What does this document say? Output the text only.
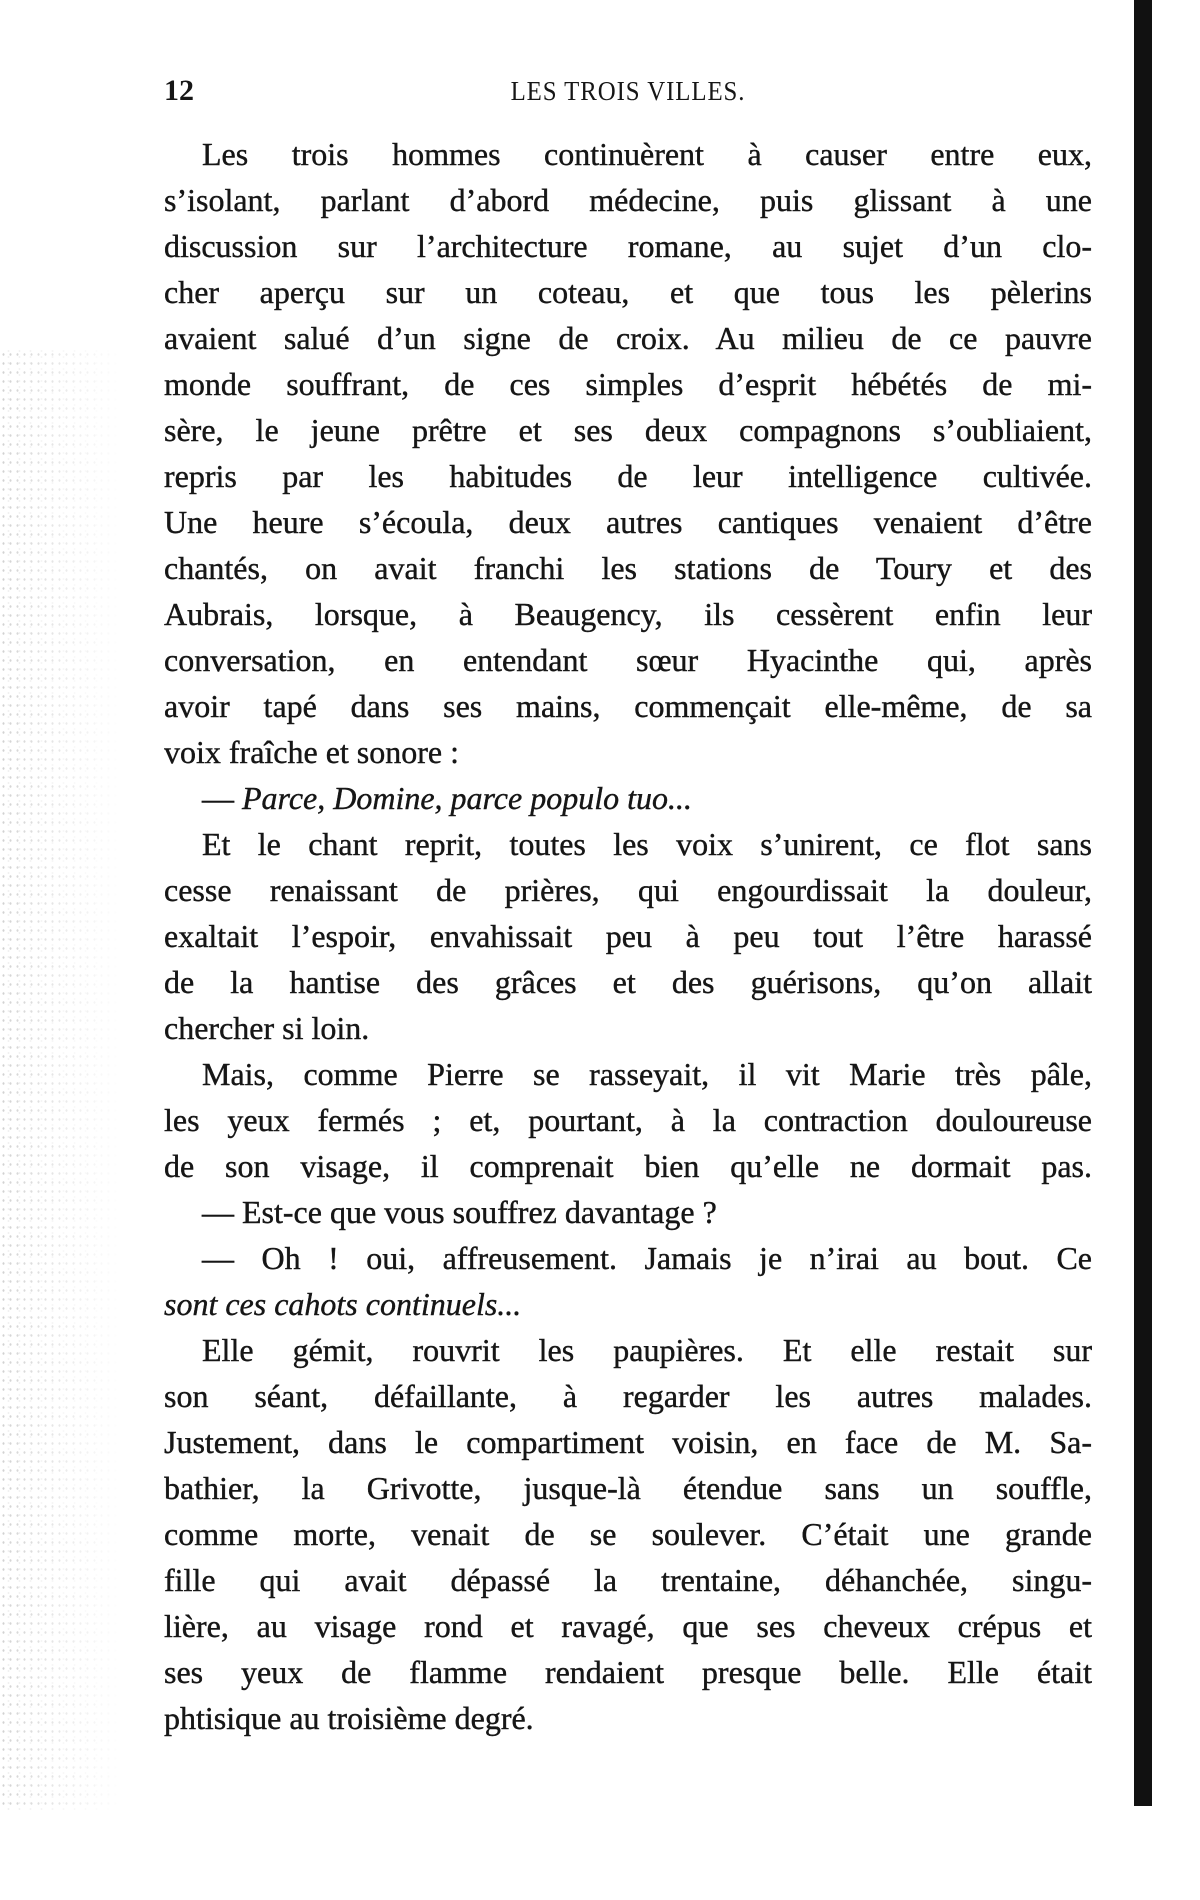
12	LES TROIS VILLES.
Les trois hommes continuèrent à causer entre eux,
s’isolant, parlant d’abord médecine, puis glissant à une
discussion sur l’architecture romane, au sujet d’un clo-
cher aperçu sur un coteau, et que tous les pèlerins
avaient salué d’un signe de croix. Au milieu de ce pauvre
monde souffrant, de ces simples d’esprit hébétés de mi-
sère, le jeune prêtre et ses deux compagnons s’oubliaient,
repris par les habitudes de leur intelligence cultivée.
Une heure s’écoula, deux autres cantiques venaient d’être
chantés, on avait franchi les stations de Toury et des
Aubrais, lorsque, à Beaugency, ils cessèrent enfin leur
conversation, en entendant sœur Hyacinthe qui, après
avoir tapé dans ses mains, commençait elle-même, de sa
voix fraîche et sonore :
— Parce, Domine, parce populo tuo...
Et le chant reprit, toutes les voix s’unirent, ce flot sans
cesse renaissant de prières, qui engourdissait la douleur,
exaltait l’espoir, envahissait peu à peu tout l’être harassé
de la hantise des grâces et des guérisons, qu’on allait
chercher si loin.
Mais, comme Pierre se rasseyait, il vit Marie très pâle,
les yeux fermés ; et, pourtant, à la contraction douloureuse
de son visage, il comprenait bien qu’elle ne dormait pas.
— Est-ce que vous souffrez davantage ?
— Oh ! oui, affreusement. Jamais je n’irai au bout. Ce
sont ces cahots continuels...
Elle gémit, rouvrit les paupières. Et elle restait sur
son séant, défaillante, à regarder les autres malades.
Justement, dans le compartiment voisin, en face de M. Sa-
bathier, la Grivotte, jusque-là étendue sans un souffle,
comme morte, venait de se soulever. C’était une grande
fille qui avait dépassé la trentaine, déhanchée, singu-
lière, au visage rond et ravagé, que ses cheveux crépus et
ses yeux de flamme rendaient presque belle. Elle était
phtisique au troisième degré.
